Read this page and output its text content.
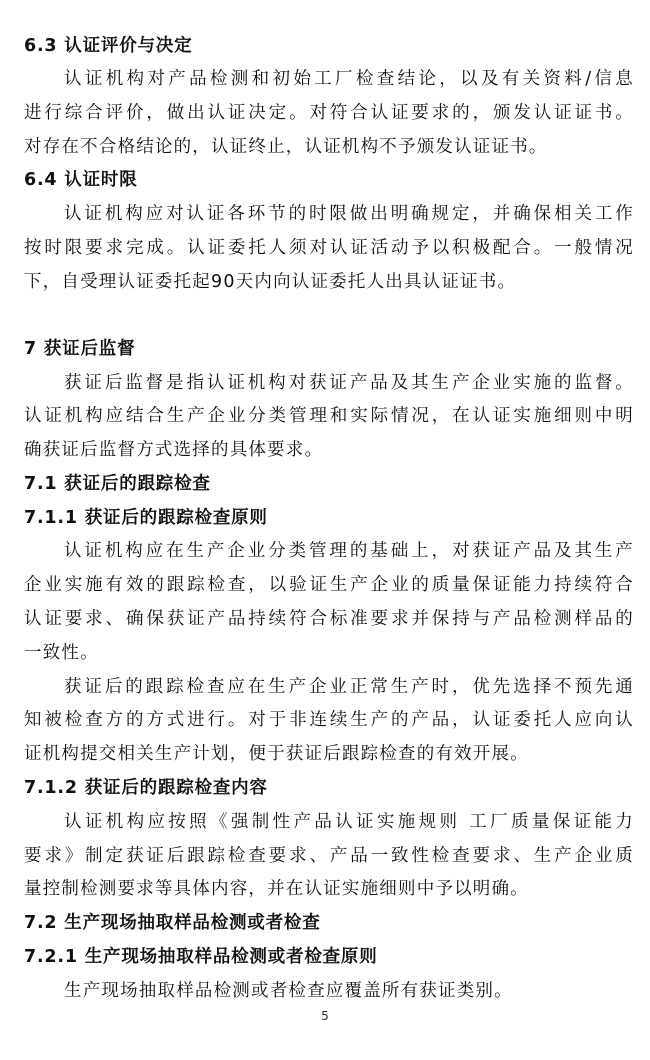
6.3 认证评价与决定
认证机构对产品检测和初始工厂检查结论，以及有关资料/信息
进行综合评价，做出认证决定。对符合认证要求的，颁发认证证书。
对存在不合格结论的，认证终止，认证机构不予颁发认证证书。
6.4 认证时限
认证机构应对认证各环节的时限做出明确规定，并确保相关工作
按时限要求完成。认证委托人须对认证活动予以积极配合。一般情况
下，自受理认证委托起90天内向认证委托人出具认证证书。
7 获证后监督
获证后监督是指认证机构对获证产品及其生产企业实施的监督。
认证机构应结合生产企业分类管理和实际情况，在认证实施细则中明
确获证后监督方式选择的具体要求。
7.1 获证后的跟踪检查
7.1.1 获证后的跟踪检查原则
认证机构应在生产企业分类管理的基础上，对获证产品及其生产
企业实施有效的跟踪检查，以验证生产企业的质量保证能力持续符合
认证要求、确保获证产品持续符合标准要求并保持与产品检测样品的
一致性。
获证后的跟踪检查应在生产企业正常生产时，优先选择不预先通
知被检查方的方式进行。对于非连续生产的产品，认证委托人应向认
证机构提交相关生产计划，便于获证后跟踪检查的有效开展。
7.1.2 获证后的跟踪检查内容
认证机构应按照《强制性产品认证实施规则 工厂质量保证能力
要求》制定获证后跟踪检查要求、产品一致性检查要求、生产企业质
量控制检测要求等具体内容，并在认证实施细则中予以明确。
7.2 生产现场抽取样品检测或者检查
7.2.1 生产现场抽取样品检测或者检查原则
生产现场抽取样品检测或者检查应覆盖所有获证类别。
5
